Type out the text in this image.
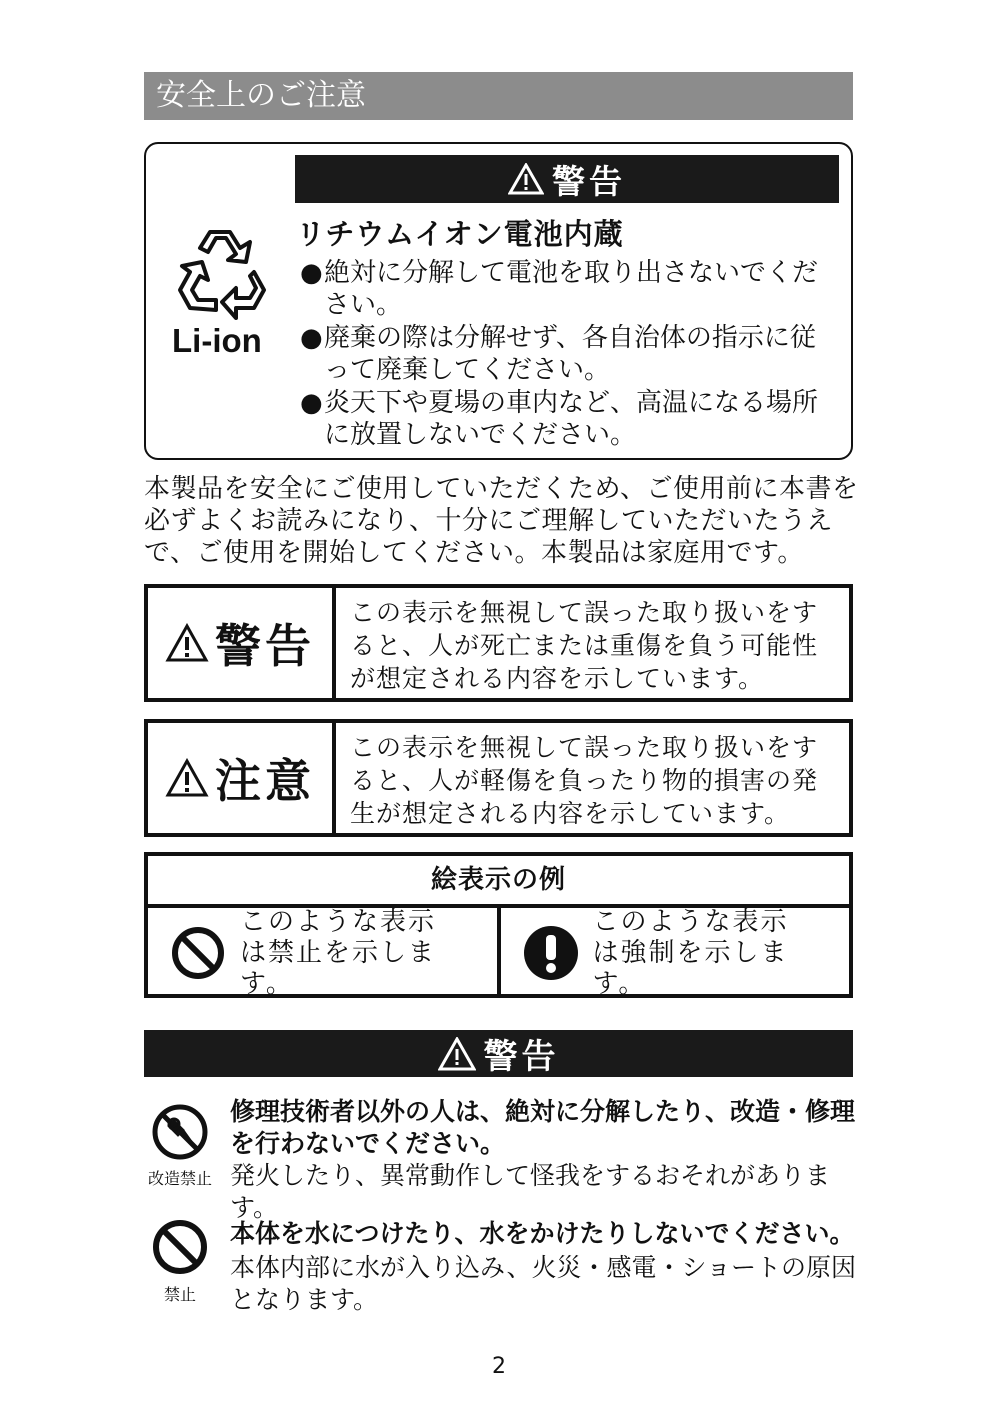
安全上のご注意
警告
Li-ion
リチウムイオン電池内蔵
● 絶対に分解して電池を取り出さないでください。
● 廃棄の際は分解せず、各自治体の指示に従って廃棄してください。
● 炎天下や夏場の車内など、高温になる場所に放置しないでください。
本製品を安全にご使用していただくため、ご使用前に本書を必ずよくお読みになり、十分にご理解していただいたうえで、ご使用を開始してください。本製品は家庭用です。
警告
この表示を無視して誤った取り扱いをすると、人が死亡または重傷を負う可能性が想定される内容を示しています。
注意
この表示を無視して誤った取り扱いをすると、人が軽傷を負ったり物的損害の発生が想定される内容を示しています。
絵表示の例
このような表示は禁止を示します。
このような表示は強制を示します。
警告
改造禁止
修理技術者以外の人は、絶対に分解したり、改造・修理を行わないでください。
発火したり、異常動作して怪我をするおそれがあります。
禁止
本体を水につけたり、水をかけたりしないでください。
本体内部に水が入り込み、火災・感電・ショートの原因となります。
2
